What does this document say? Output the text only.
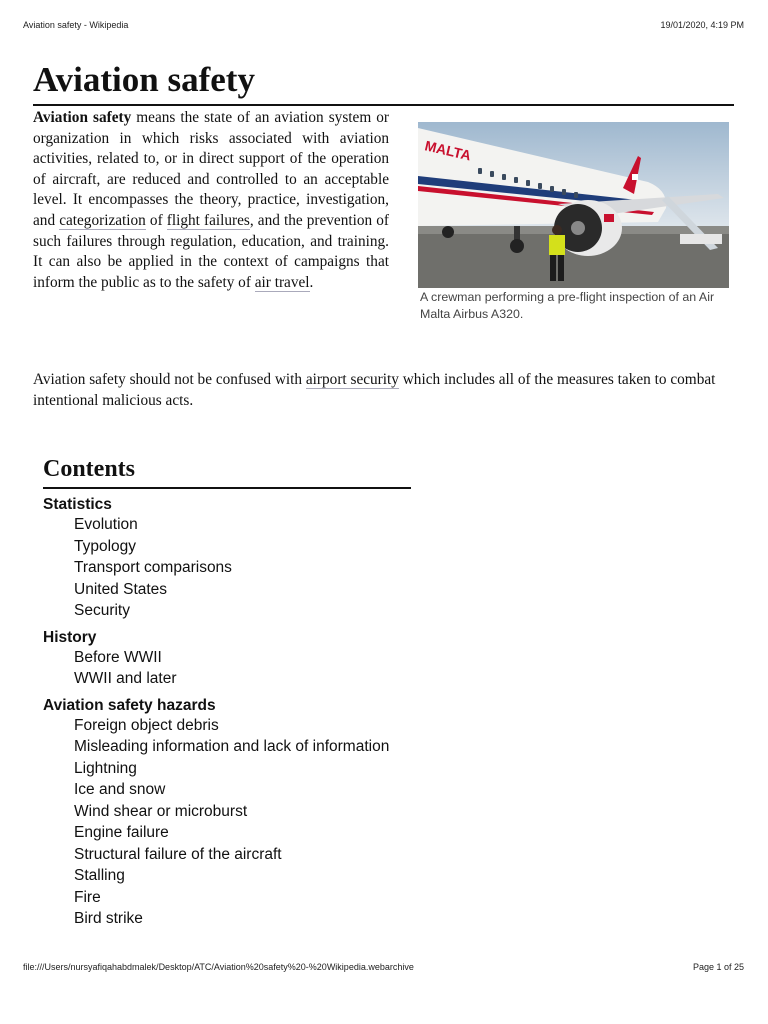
Aviation safety - Wikipedia	19/01/2020, 4:19 PM
Aviation safety

Aviation safety means the state of an aviation system or organization in which risks associated with aviation activities, related to, or in direct support of the operation of aircraft, are reduced and controlled to an acceptable level. It encompasses the theory, practice, investigation, and categorization of flight failures, and the prevention of such failures through regulation, education, and training. It can also be applied in the context of campaigns that inform the public as to the safety of air travel.

MALTA
A crewman performing a pre-flight inspection of an Air Malta Airbus A320.

Aviation safety should not be confused with airport security which includes all of the measures taken to combat intentional malicious acts.

Contents
Statistics
Evolution
Typology
Transport comparisons
United States
Security
History
Before WWII
WWII and later
Aviation safety hazards
Foreign object debris
Misleading information and lack of information
Lightning
Ice and snow
Wind shear or microburst
Engine failure
Structural failure of the aircraft
Stalling
Fire
Bird strike
file:///Users/nursyafiqahabdmalek/Desktop/ATC/Aviation%20safety%20-%20Wikipedia.webarchive	Page 1 of 25
